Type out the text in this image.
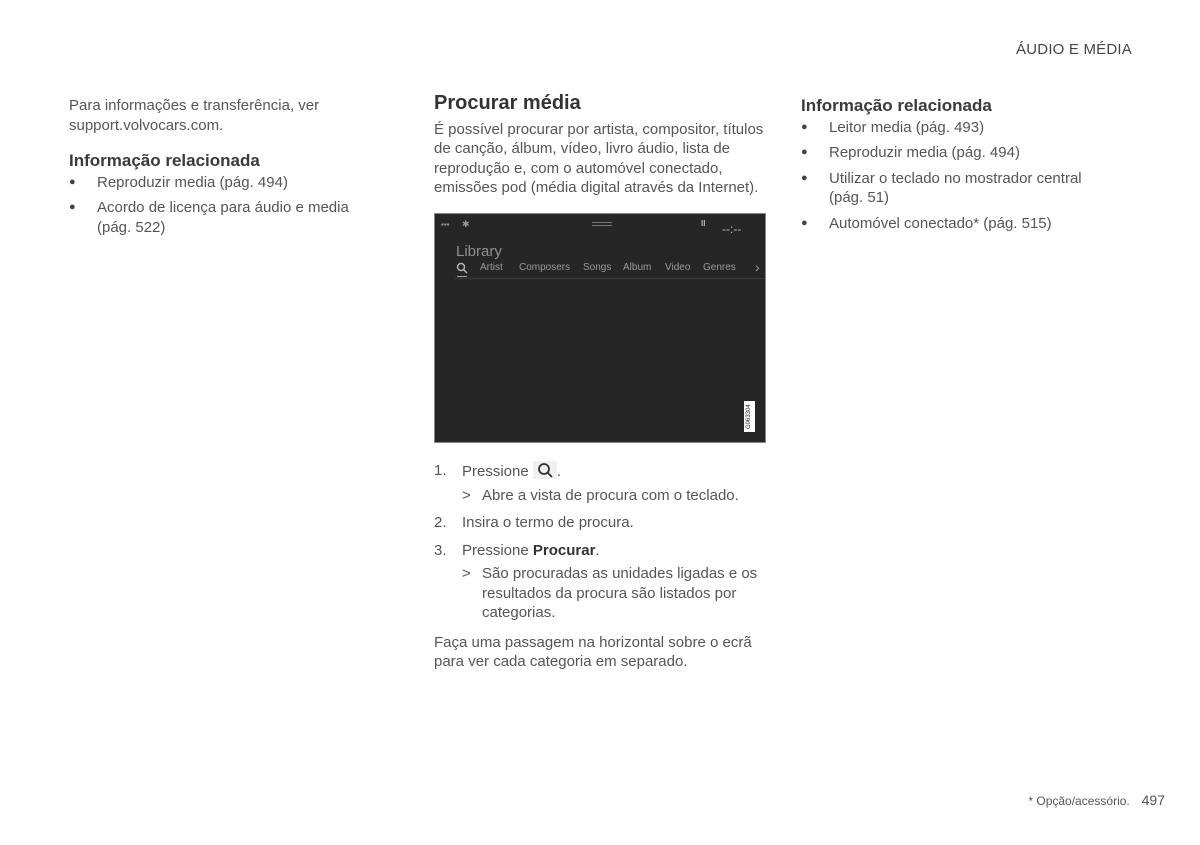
ÁUDIO E MÉDIA
Para informações e transferência, ver
support.volvocars.com.
Informação relacionada
● Reproduzir media (pág. 494)
● Acordo de licença para áudio e media (pág. 522)
Procurar média
É possível procurar por artista, compositor, títulos de canção, álbum, vídeo, livro áudio, lista de reprodução e, com o automóvel conectado, emissões pod (média digital através da Internet).
▪▪▪ ✱	II --:--
Library
Artist Composers Songs Album Video Genres ›
G063304
1. Pressione .
> Abre a vista de procura com o teclado.
2. Insira o termo de procura.
3. Pressione Procurar.
> São procuradas as unidades ligadas e os resultados da procura são listados por categorias.
Faça uma passagem na horizontal sobre o ecrã para ver cada categoria em separado.
Informação relacionada
● Leitor media (pág. 493)
● Reproduzir media (pág. 494)
● Utilizar o teclado no mostrador central (pág. 51)
● Automóvel conectado* (pág. 515)
* Opção/acessório. 497
